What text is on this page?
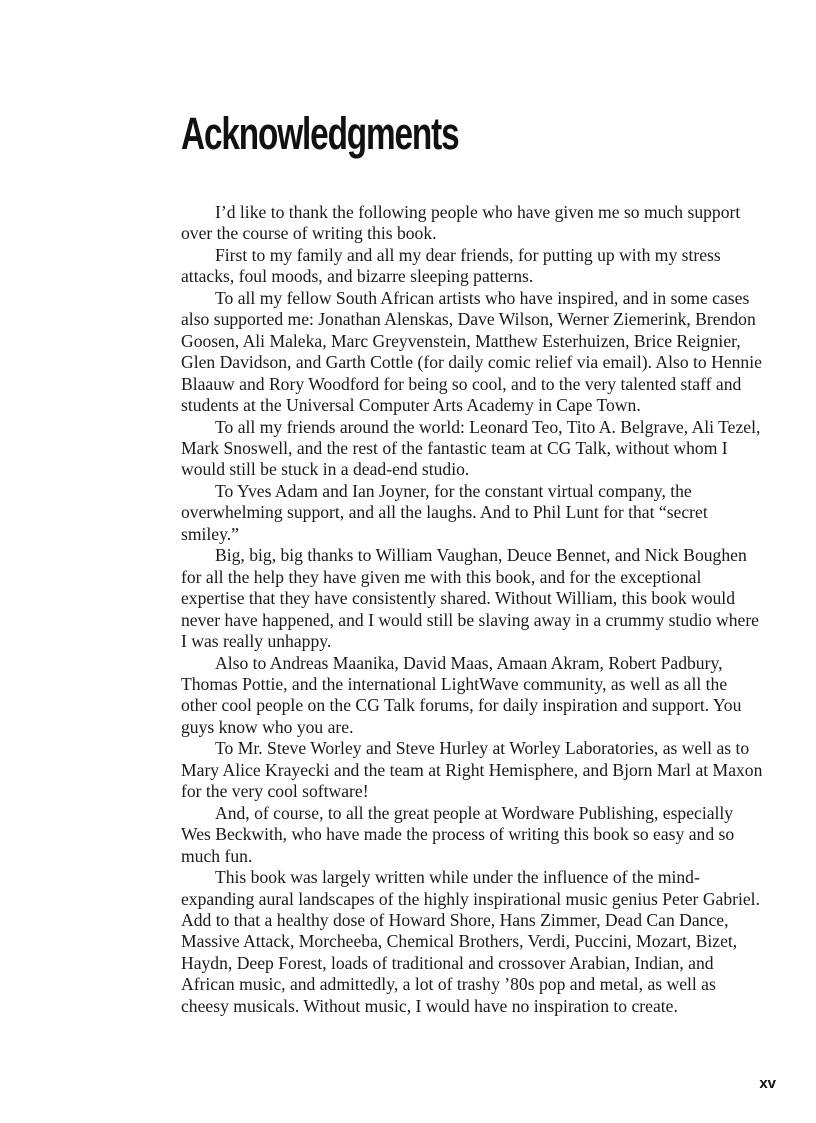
Acknowledgments

I’d like to thank the following people who have given me so much support over the course of writing this book.

First to my family and all my dear friends, for putting up with my stress attacks, foul moods, and bizarre sleeping patterns.

To all my fellow South African artists who have inspired, and in some cases also supported me: Jonathan Alenskas, Dave Wilson, Werner Ziemerink, Brendon Goosen, Ali Maleka, Marc Greyvenstein, Matthew Esterhuizen, Brice Reignier, Glen Davidson, and Garth Cottle (for daily comic relief via email). Also to Hennie Blaauw and Rory Woodford for being so cool, and to the very talented staff and students at the Universal Computer Arts Academy in Cape Town.

To all my friends around the world: Leonard Teo, Tito A. Belgrave, Ali Tezel, Mark Snoswell, and the rest of the fantastic team at CG Talk, without whom I would still be stuck in a dead-end studio.

To Yves Adam and Ian Joyner, for the constant virtual company, the overwhelming support, and all the laughs. And to Phil Lunt for that “secret smiley.”

Big, big, big thanks to William Vaughan, Deuce Bennet, and Nick Boughen for all the help they have given me with this book, and for the exceptional expertise that they have consistently shared. Without William, this book would never have happened, and I would still be slaving away in a crummy studio where I was really unhappy.

Also to Andreas Maanika, David Maas, Amaan Akram, Robert Padbury, Thomas Pottie, and the international LightWave community, as well as all the other cool people on the CG Talk forums, for daily inspiration and support. You guys know who you are.

To Mr. Steve Worley and Steve Hurley at Worley Laboratories, as well as to Mary Alice Krayecki and the team at Right Hemisphere, and Bjorn Marl at Maxon for the very cool software!

And, of course, to all the great people at Wordware Publishing, especially Wes Beckwith, who have made the process of writing this book so easy and so much fun.

This book was largely written while under the influence of the mind-expanding aural landscapes of the highly inspirational music genius Peter Gabriel. Add to that a healthy dose of Howard Shore, Hans Zimmer, Dead Can Dance, Massive Attack, Morcheeba, Chemical Brothers, Verdi, Puccini, Mozart, Bizet, Haydn, Deep Forest, loads of traditional and crossover Arabian, Indian, and African music, and admittedly, a lot of trashy ’80s pop and metal, as well as cheesy musicals. Without music, I would have no inspiration to create.

xv
